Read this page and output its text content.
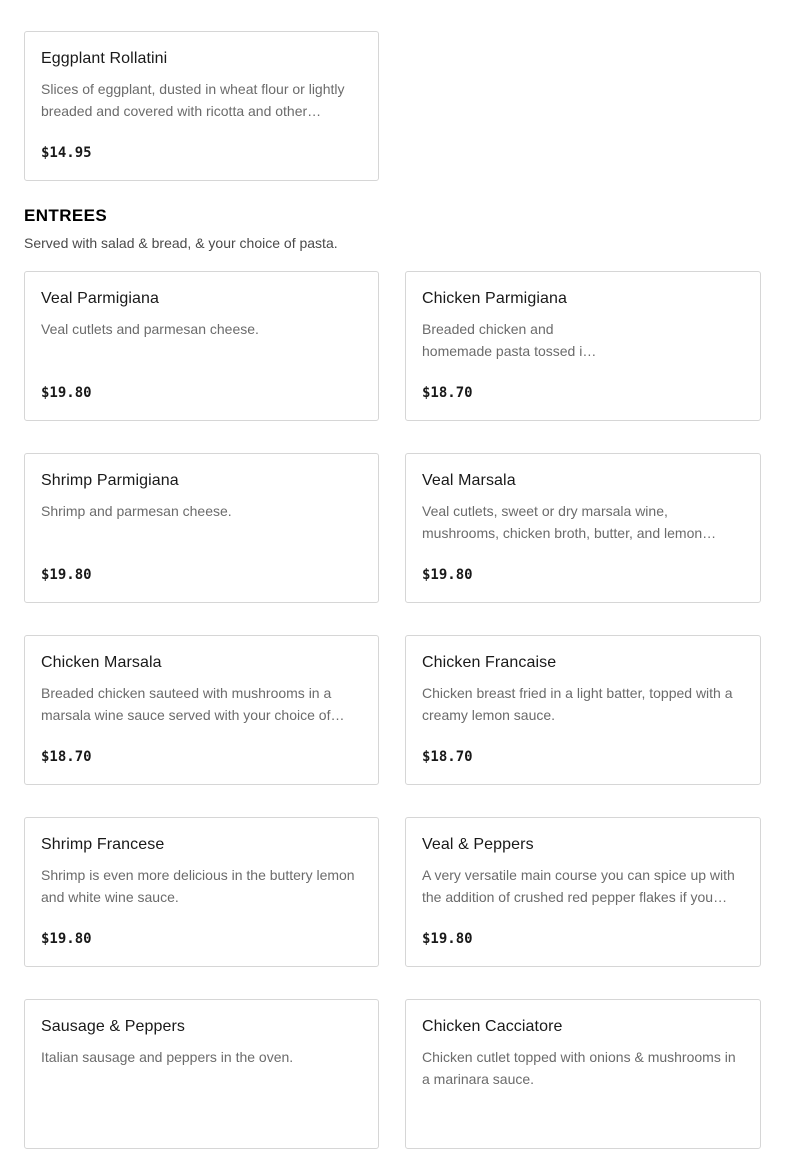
Eggplant Rollatini
Slices of eggplant, dusted in wheat flour or lightly breaded and covered with ricotta and other…
$14.95
ENTREES
Served with salad & bread, & your choice of pasta.
Veal Parmigiana
Veal cutlets and parmesan cheese.
$19.80
Chicken Parmigiana
Breaded chicken and
homemade pasta tossed i…
$18.70
Shrimp Parmigiana
Shrimp and parmesan cheese.
$19.80
Veal Marsala
Veal cutlets, sweet or dry marsala wine, mushrooms, chicken broth, butter, and lemon…
$19.80
Chicken Marsala
Breaded chicken sauteed with mushrooms in a marsala wine sauce served with your choice of…
$18.70
Chicken Francaise
Chicken breast fried in a light batter, topped with a creamy lemon sauce.
$18.70
Shrimp Francese
Shrimp is even more delicious in the buttery lemon and white wine sauce.
$19.80
Veal & Peppers
A very versatile main course you can spice up with the addition of crushed red pepper flakes if you…
$19.80
Sausage & Peppers
Italian sausage and peppers in the oven.
Chicken Cacciatore
Chicken cutlet topped with onions & mushrooms in a marinara sauce.
